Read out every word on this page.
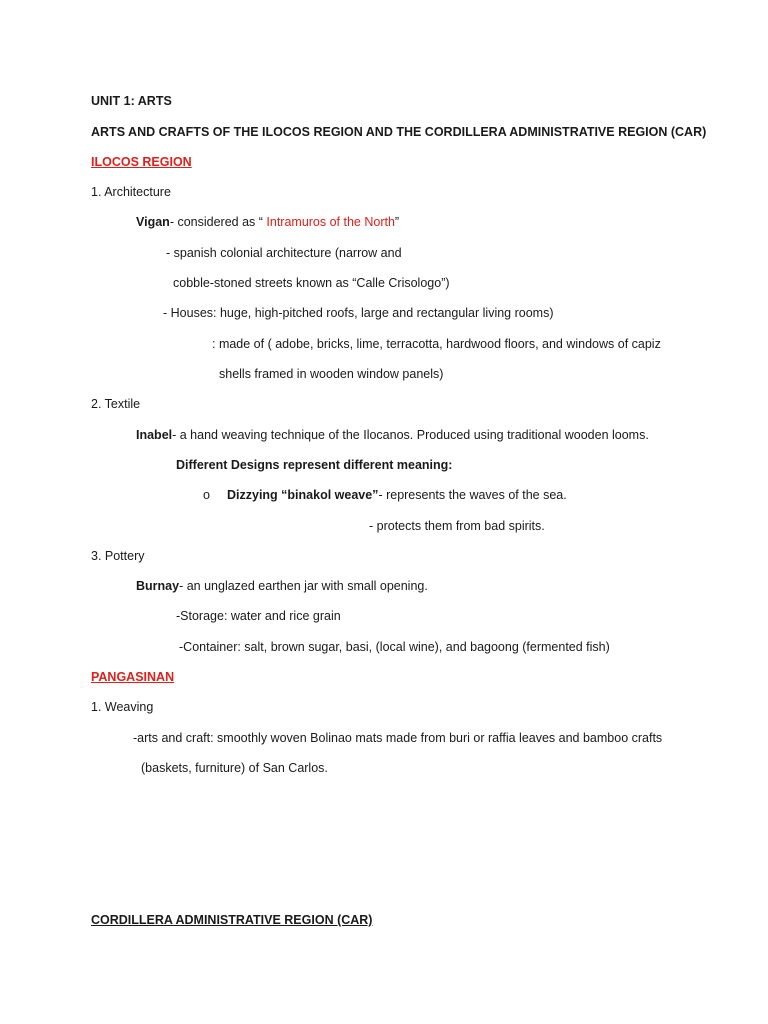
UNIT 1: ARTS
ARTS AND CRAFTS OF THE ILOCOS REGION AND THE CORDILLERA ADMINISTRATIVE REGION (CAR)
ILOCOS REGION
1. Architecture
Vigan- considered as “ Intramuros of the North”
- spanish colonial architecture (narrow and
cobble-stoned streets known as “Calle Crisologo”)
- Houses: huge, high-pitched roofs, large and rectangular living rooms)
: made of ( adobe, bricks, lime, terracotta, hardwood floors, and windows of capiz
shells framed in wooden window panels)
2. Textile
Inabel- a hand weaving technique of the Ilocanos. Produced using traditional wooden looms.
Different Designs represent different meaning:
o Dizzying “binakol weave”- represents the waves of the sea.
- protects them from bad spirits.
3. Pottery
Burnay- an unglazed earthen jar with small opening.
-Storage: water and rice grain
-Container: salt, brown sugar, basi, (local wine), and bagoong (fermented fish)
PANGASINAN
1. Weaving
-arts and craft: smoothly woven Bolinao mats made from buri or raffia leaves and bamboo crafts
(baskets, furniture) of San Carlos.
CORDILLERA ADMINISTRATIVE REGION (CAR)
